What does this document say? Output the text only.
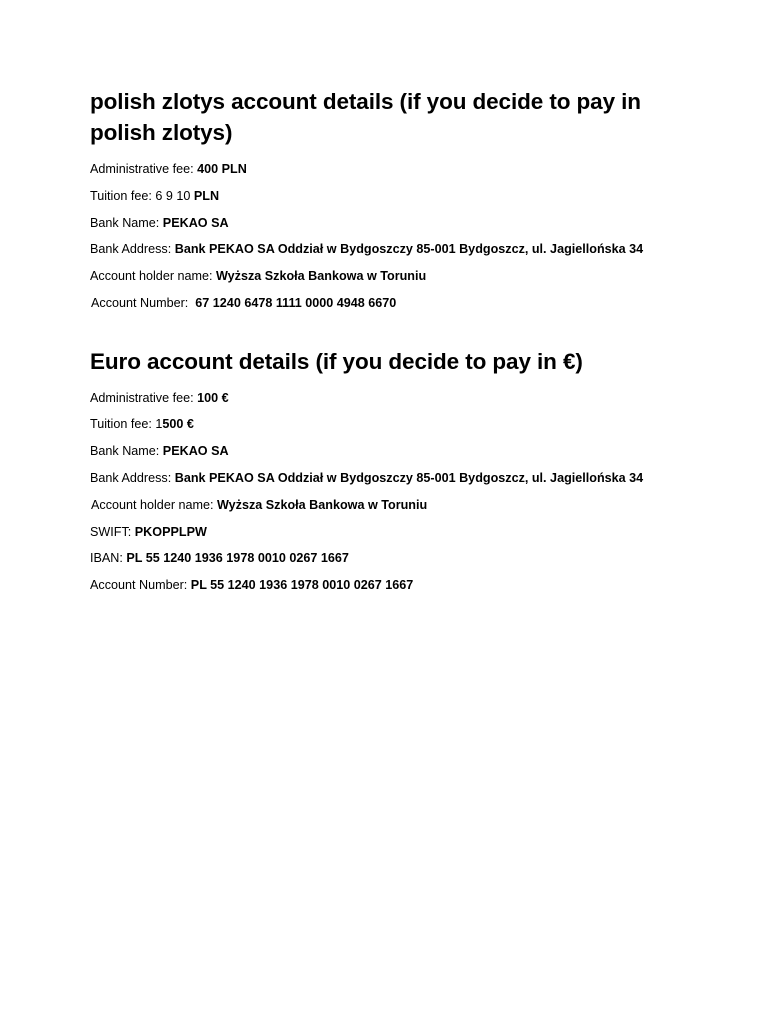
polish zlotys account details (if you decide to pay in polish zlotys)

Administrative fee: 400 PLN

Tuition fee: 6 9 10 PLN

Bank Name: PEKAO SA

Bank Address: Bank PEKAO SA Oddział w Bydgoszczy 85-001 Bydgoszcz, ul. Jagiellońska 34

Account holder name: Wyższa Szkoła Bankowa w Toruniu

Account Number:  67 1240 6478 1111 0000 4948 6670

Euro account details (if you decide to pay in €)

Administrative fee: 100 €

Tuition fee: 1500 €

Bank Name: PEKAO SA

Bank Address: Bank PEKAO SA Oddział w Bydgoszczy 85-001 Bydgoszcz, ul. Jagiellońska 34

Account holder name: Wyższa Szkoła Bankowa w Toruniu

SWIFT: PKOPPLPW

IBAN: PL 55 1240 1936 1978 0010 0267 1667

Account Number: PL 55 1240 1936 1978 0010 0267 1667
